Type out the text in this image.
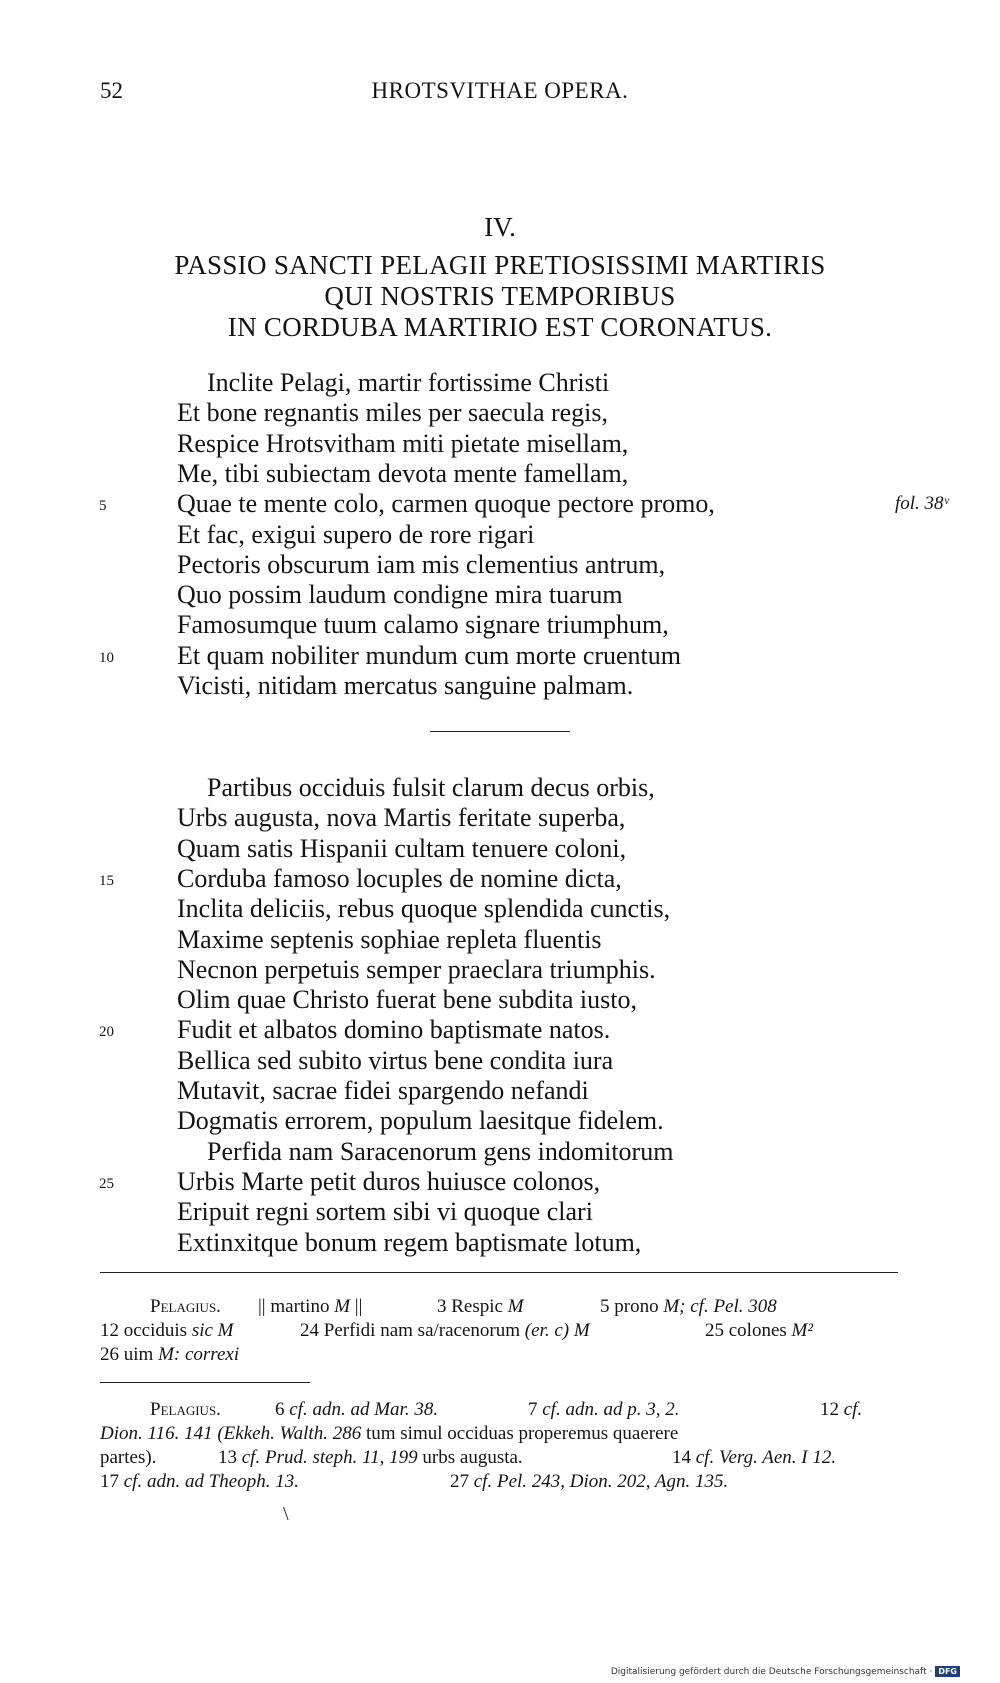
52	HROTSVITHAE OPERA.
IV.
PASSIO SANCTI PELAGII PRETIOSISSIMI MARTIRIS
QUI NOSTRIS TEMPORIBUS
IN CORDUBA MARTIRIO EST CORONATUS.
Inclite Pelagi, martir fortissime Christi
Et bone regnantis miles per saecula regis,
Respice Hrotsvitham miti pietate misellam,
Me, tibi subiectam devota mente famellam,
5	Quae te mente colo, carmen quoque pectore promo,	fol. 38ᵛ
Et fac, exigui supero de rore rigari
Pectoris obscurum iam mis clementius antrum,
Quo possim laudum condigne mira tuarum
Famosumque tuum calamo signare triumphum,
10 Et quam nobiliter mundum cum morte cruentum
Vicisti, nitidam mercatus sanguine palmam.
Partibus occiduis fulsit clarum decus orbis,
Urbs augusta, nova Martis feritate superba,
Quam satis Hispanii cultam tenuere coloni,
15 Corduba famoso locuples de nomine dicta,
Inclita deliciis, rebus quoque splendida cunctis,
Maxime septenis sophiae repleta fluentis
Necnon perpetuis semper praeclara triumphis.
Olim quae Christo fuerat bene subdita iusto,
20 Fudit et albatos domino baptismate natos.
Bellica sed subito virtus bene condita iura
Mutavit, sacrae fidei spargendo nefandi
Dogmatis errorem, populum laesitque fidelem.
Perfida nam Saracenorum gens indomitorum
25 Urbis Marte petit duros huiusce colonos,
Eripuit regni sortem sibi vi quoque clari
Extinxitque bonum regem baptismate lotum,
Pelagius. || martino M ||	3 Respic M	5 prono M; cf. Pel. 308
12 occiduis sic M	24 Perfidi nam sa/racenorum (er. c) M	25 colones M²
26 uim M: correxi
Pelagius.	6 cf. adn. ad Mar. 38.	7 cf. adn. ad p. 3, 2.	12 cf.
Dion. 116. 141 (Ekkeh. Walth. 286 tum simul occiduas properemus quaerere
partes).	13 cf. Prud. steph. 11, 199 urbs augusta.	14 cf. Verg. Aen. I 12.
17 cf. adn. ad Theoph. 13.	27 cf. Pel. 243, Dion. 202, Agn. 135.
\
Digitalisierung gefördert durch die Deutsche Forschungsgemeinschaft · DFG
